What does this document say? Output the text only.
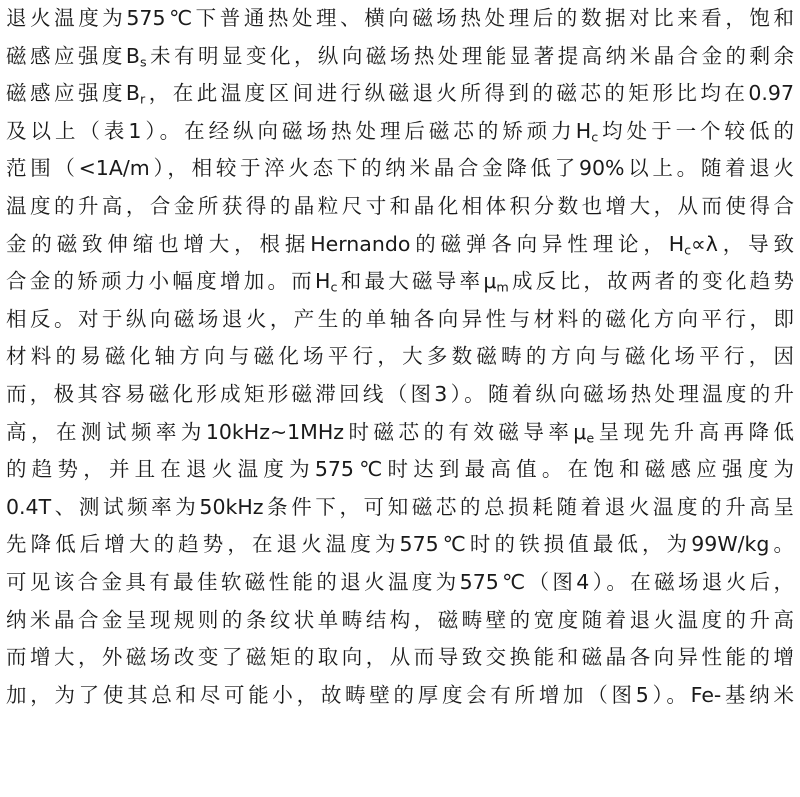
退火温度为575℃下普通热处理、横向磁场热处理后的数据对比来看，饱和
磁感应强度$B_s$未有明显变化，纵向磁场热处理能显著提高纳米晶合金的剩余
磁感应强度$B_r$，在此温度区间进行纵磁退火所得到的磁芯的矩形比均在0.97
及以上（表1）。在经纵向磁场热处理后磁芯的矫顽力$H_c$均处于一个较低的
范围（<1A/m），相较于淬火态下的纳米晶合金降低了90%以上。随着退火
温度的升高，合金所获得的晶粒尺寸和晶化相体积分数也增大，从而使得合
金的磁致伸缩也增大，根据Hernando的磁弹各向异性理论，$H_c\propto\lambda$，导致
合金的矫顽力小幅度增加。而$H_c$和最大磁导率$\mu_m$成反比，故两者的变化趋势
相反。对于纵向磁场退火，产生的单轴各向异性与材料的磁化方向平行，即
材料的易磁化轴方向与磁化场平行，大多数磁畴的方向与磁化场平行，因
而，极其容易磁化形成矩形磁滞回线（图3）。随着纵向磁场热处理温度的升
高，在测试频率为10kHz~1MHz时磁芯的有效磁导率$\mu_e$呈现先升高再降低
的趋势，并且在退火温度为575℃时达到最高值。在饱和磁感应强度为
0.4T、测试频率为50kHz条件下，可知磁芯的总损耗随着退火温度的升高呈
先降低后增大的趋势，在退火温度为575℃时的铁损值最低，为99W/kg。
可见该合金具有最佳软磁性能的退火温度为575℃（图4）。在磁场退火后，
纳米晶合金呈现规则的条纹状单畴结构，磁畴壁的宽度随着退火温度的升高
而增大，外磁场改变了磁矩的取向，从而导致交换能和磁晶各向异性能的增
加，为了使其总和尽可能小，故畴壁的厚度会有所增加（图5）。Fe-基纳米
